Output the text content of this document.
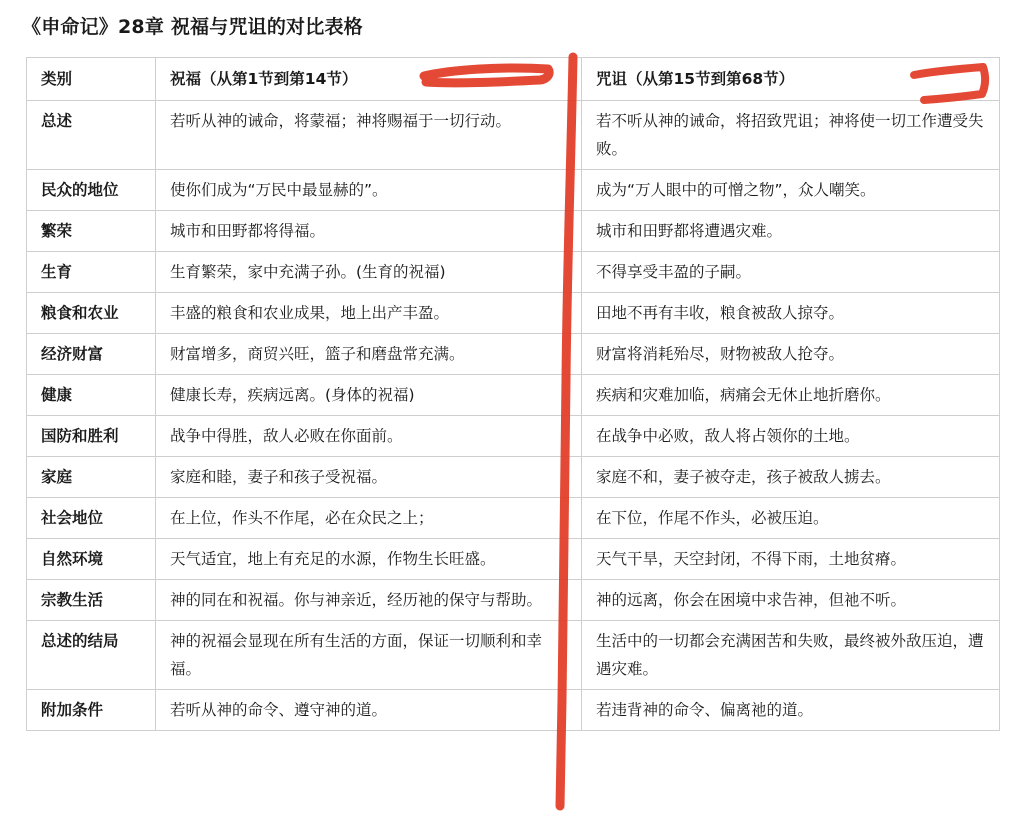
《申命记》28章 祝福与咒诅的对比表格
类别	祝福（从第1节到第14节）	咒诅（从第15节到第68节）
总述	若听从神的诫命，将蒙福；神将赐福于一切行动。	若不听从神的诫命，将招致咒诅；神将使一切工作遭受失败。
民众的地位	使你们成为“万民中最显赫的”。	成为“万人眼中的可憎之物”，众人嘲笑。
繁荣	城市和田野都将得福。	城市和田野都将遭遇灾难。
生育	生育繁荣，家中充满子孙。(生育的祝福)	不得享受丰盈的子嗣。
粮食和农业	丰盛的粮食和农业成果，地上出产丰盈。	田地不再有丰收，粮食被敌人掠夺。
经济财富	财富增多，商贸兴旺，篮子和磨盘常充满。	财富将消耗殆尽，财物被敌人抢夺。
健康	健康长寿，疾病远离。(身体的祝福)	疾病和灾难加临，病痛会无休止地折磨你。
国防和胜利	战争中得胜，敌人必败在你面前。	在战争中必败，敌人将占领你的土地。
家庭	家庭和睦，妻子和孩子受祝福。	家庭不和，妻子被夺走，孩子被敌人掳去。
社会地位	在上位，作头不作尾，必在众民之上；	在下位，作尾不作头，必被压迫。
自然环境	天气适宜，地上有充足的水源，作物生长旺盛。	天气干旱，天空封闭，不得下雨，土地贫瘠。
宗教生活	神的同在和祝福。你与神亲近，经历祂的保守与帮助。	神的远离，你会在困境中求告神，但祂不听。
总述的结局	神的祝福会显现在所有生活的方面，保证一切顺利和幸福。	生活中的一切都会充满困苦和失败，最终被外敌压迫，遭遇灾难。
附加条件	若听从神的命令、遵守神的道。	若违背神的命令、偏离祂的道。
